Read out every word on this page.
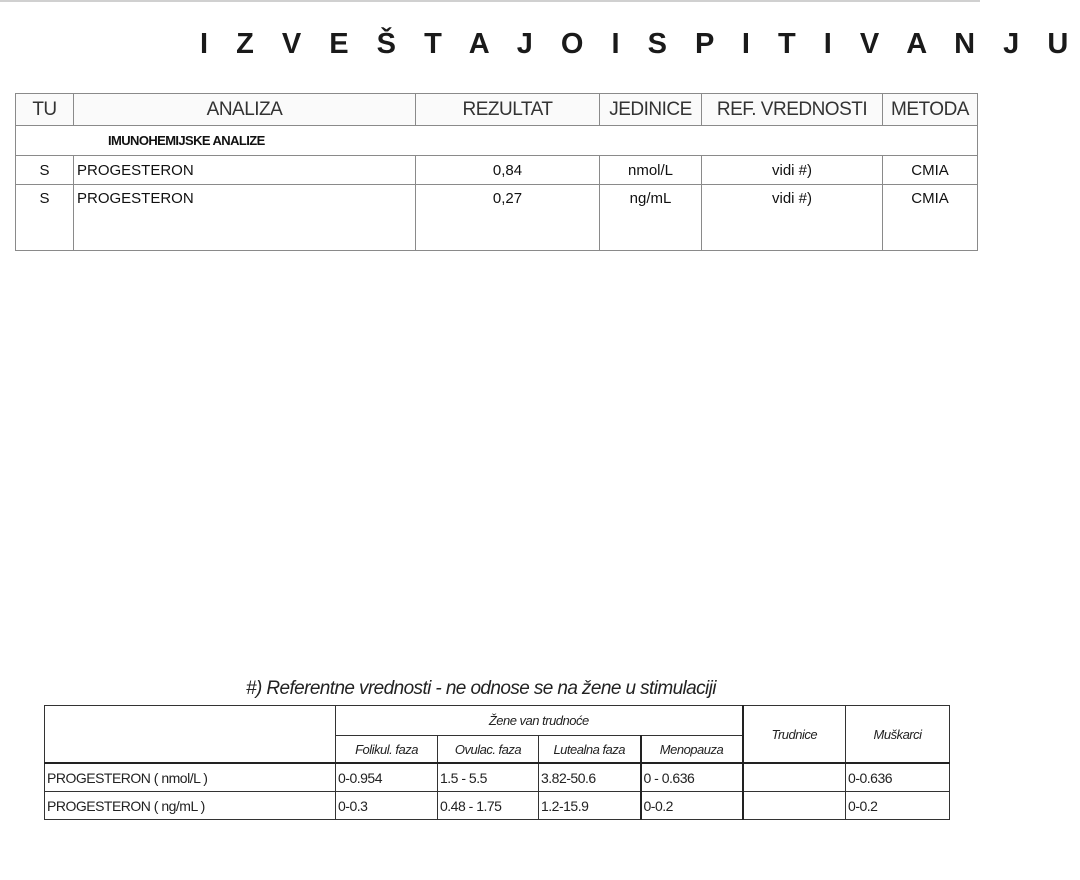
I Z V E Š T A J O I S P I T I V A N J U
TU	ANALIZA	REZULTAT	JEDINICE	REF. VREDNOSTI	METODA
IMUNOHEMIJSKE ANALIZE					
S	PROGESTERON	0,84	nmol/L	vidi #)	CMIA
S	PROGESTERON	0,27	ng/mL	vidi #)	CMIA
#) Referentne vrednosti - ne odnose se na žene u stimulaciji
	Žene van trudnoće				Trudnice	Muškarci
	Folikul. faza	Ovulac. faza	Lutealna faza	Menopauza		
PROGESTERON ( nmol/L )	0-0.954	1.5 - 5.5	3.82-50.6	0 - 0.636		0-0.636
PROGESTERON ( ng/mL )	0-0.3	0.48 - 1.75	1.2-15.9	0-0.2		0-0.2
